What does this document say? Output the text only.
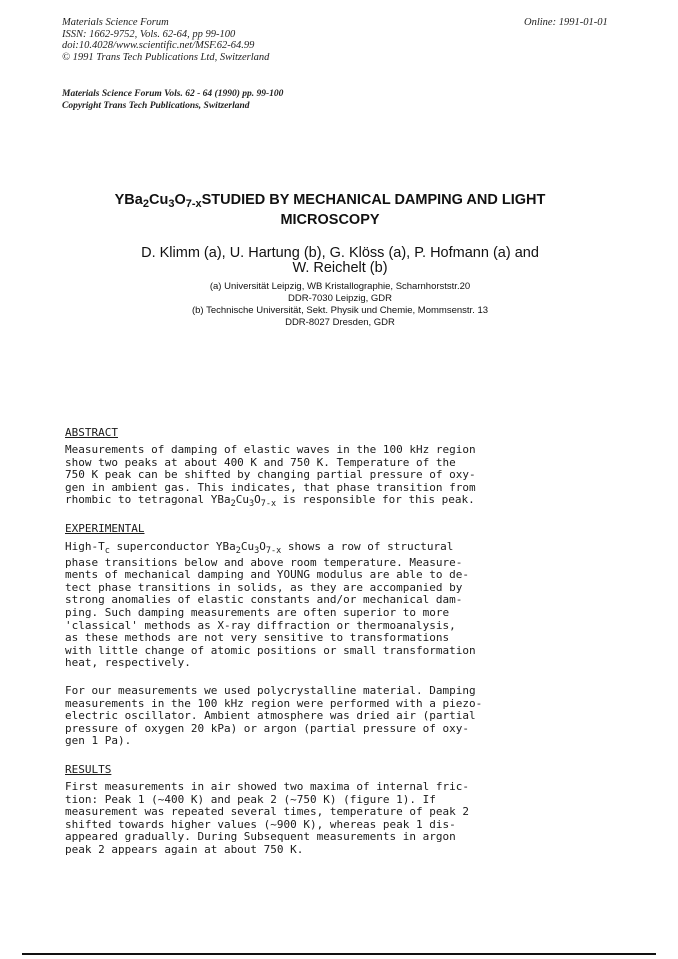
Materials Science Forum
ISSN: 1662-9752, Vols. 62-64, pp 99-100
doi:10.4028/www.scientific.net/MSF.62-64.99
© 1991 Trans Tech Publications Ltd, Switzerland
Online: 1991-01-01
Materials Science Forum Vols. 62 - 64 (1990) pp. 99-100
Copyright Trans Tech Publications, Switzerland
$YBa_2Cu_3O_{7-x}STUDIED$ BY MECHANICAL DAMPING AND LIGHT
MICROSCOPY
D. Klimm (a), U. Hartung (b), G. Klöss (a), P. Hofmann (a) and
W. Reichelt (b)
(a) Universität Leipzig, WB Kristallographie, Scharnhorststr.20
DDR-7030 Leipzig, GDR
(b) Technische Universität, Sekt. Physik und Chemie, Mommsenstr. 13
DDR-8027 Dresden, GDR
ABSTRACT
Measurements of damping of elastic waves in the 100 kHz region
show two peaks at about 400 K and 750 K. Temperature of the
750 K peak can be shifted by changing partial pressure of oxy-
gen in ambient gas. This indicates, that phase transition from
rhombic to tetragonal $YBa_2Cu_3O_{7-x}$ is responsible for this peak.
EXPERIMENTAL
High-$T_c$ superconductor $YBa_2Cu_3O_{7-x}$ shows a row of structural
phase transitions below and above room temperature. Measure-
ments of mechanical damping and YOUNG modulus are able to de-
tect phase transitions in solids, as they are accompanied by
strong anomalies of elastic constants and/or mechanical dam-
ping. Such damping measurements are often superior to more
'classical' methods as X-ray diffraction or thermoanalysis,
as these methods are not very sensitive to transformations
with little change of atomic positions or small transformation
heat, respectively.
For our measurements we used polycrystalline material. Damping
measurements in the 100 kHz region were performed with a piezo-
electric oscillator. Ambient atmosphere was dried air (partial
pressure of oxygen 20 kPa) or argon (partial pressure of oxy-
gen 1 Pa).
RESULTS
First measurements in air showed two maxima of internal fric-
tion: Peak 1 (~400 K) and peak 2 (~750 K) (figure 1). If
measurement was repeated several times, temperature of peak 2
shifted towards higher values (~900 K), whereas peak 1 dis-
appeared gradually. During Subsequent measurements in argon
peak 2 appears again at about 750 K.
